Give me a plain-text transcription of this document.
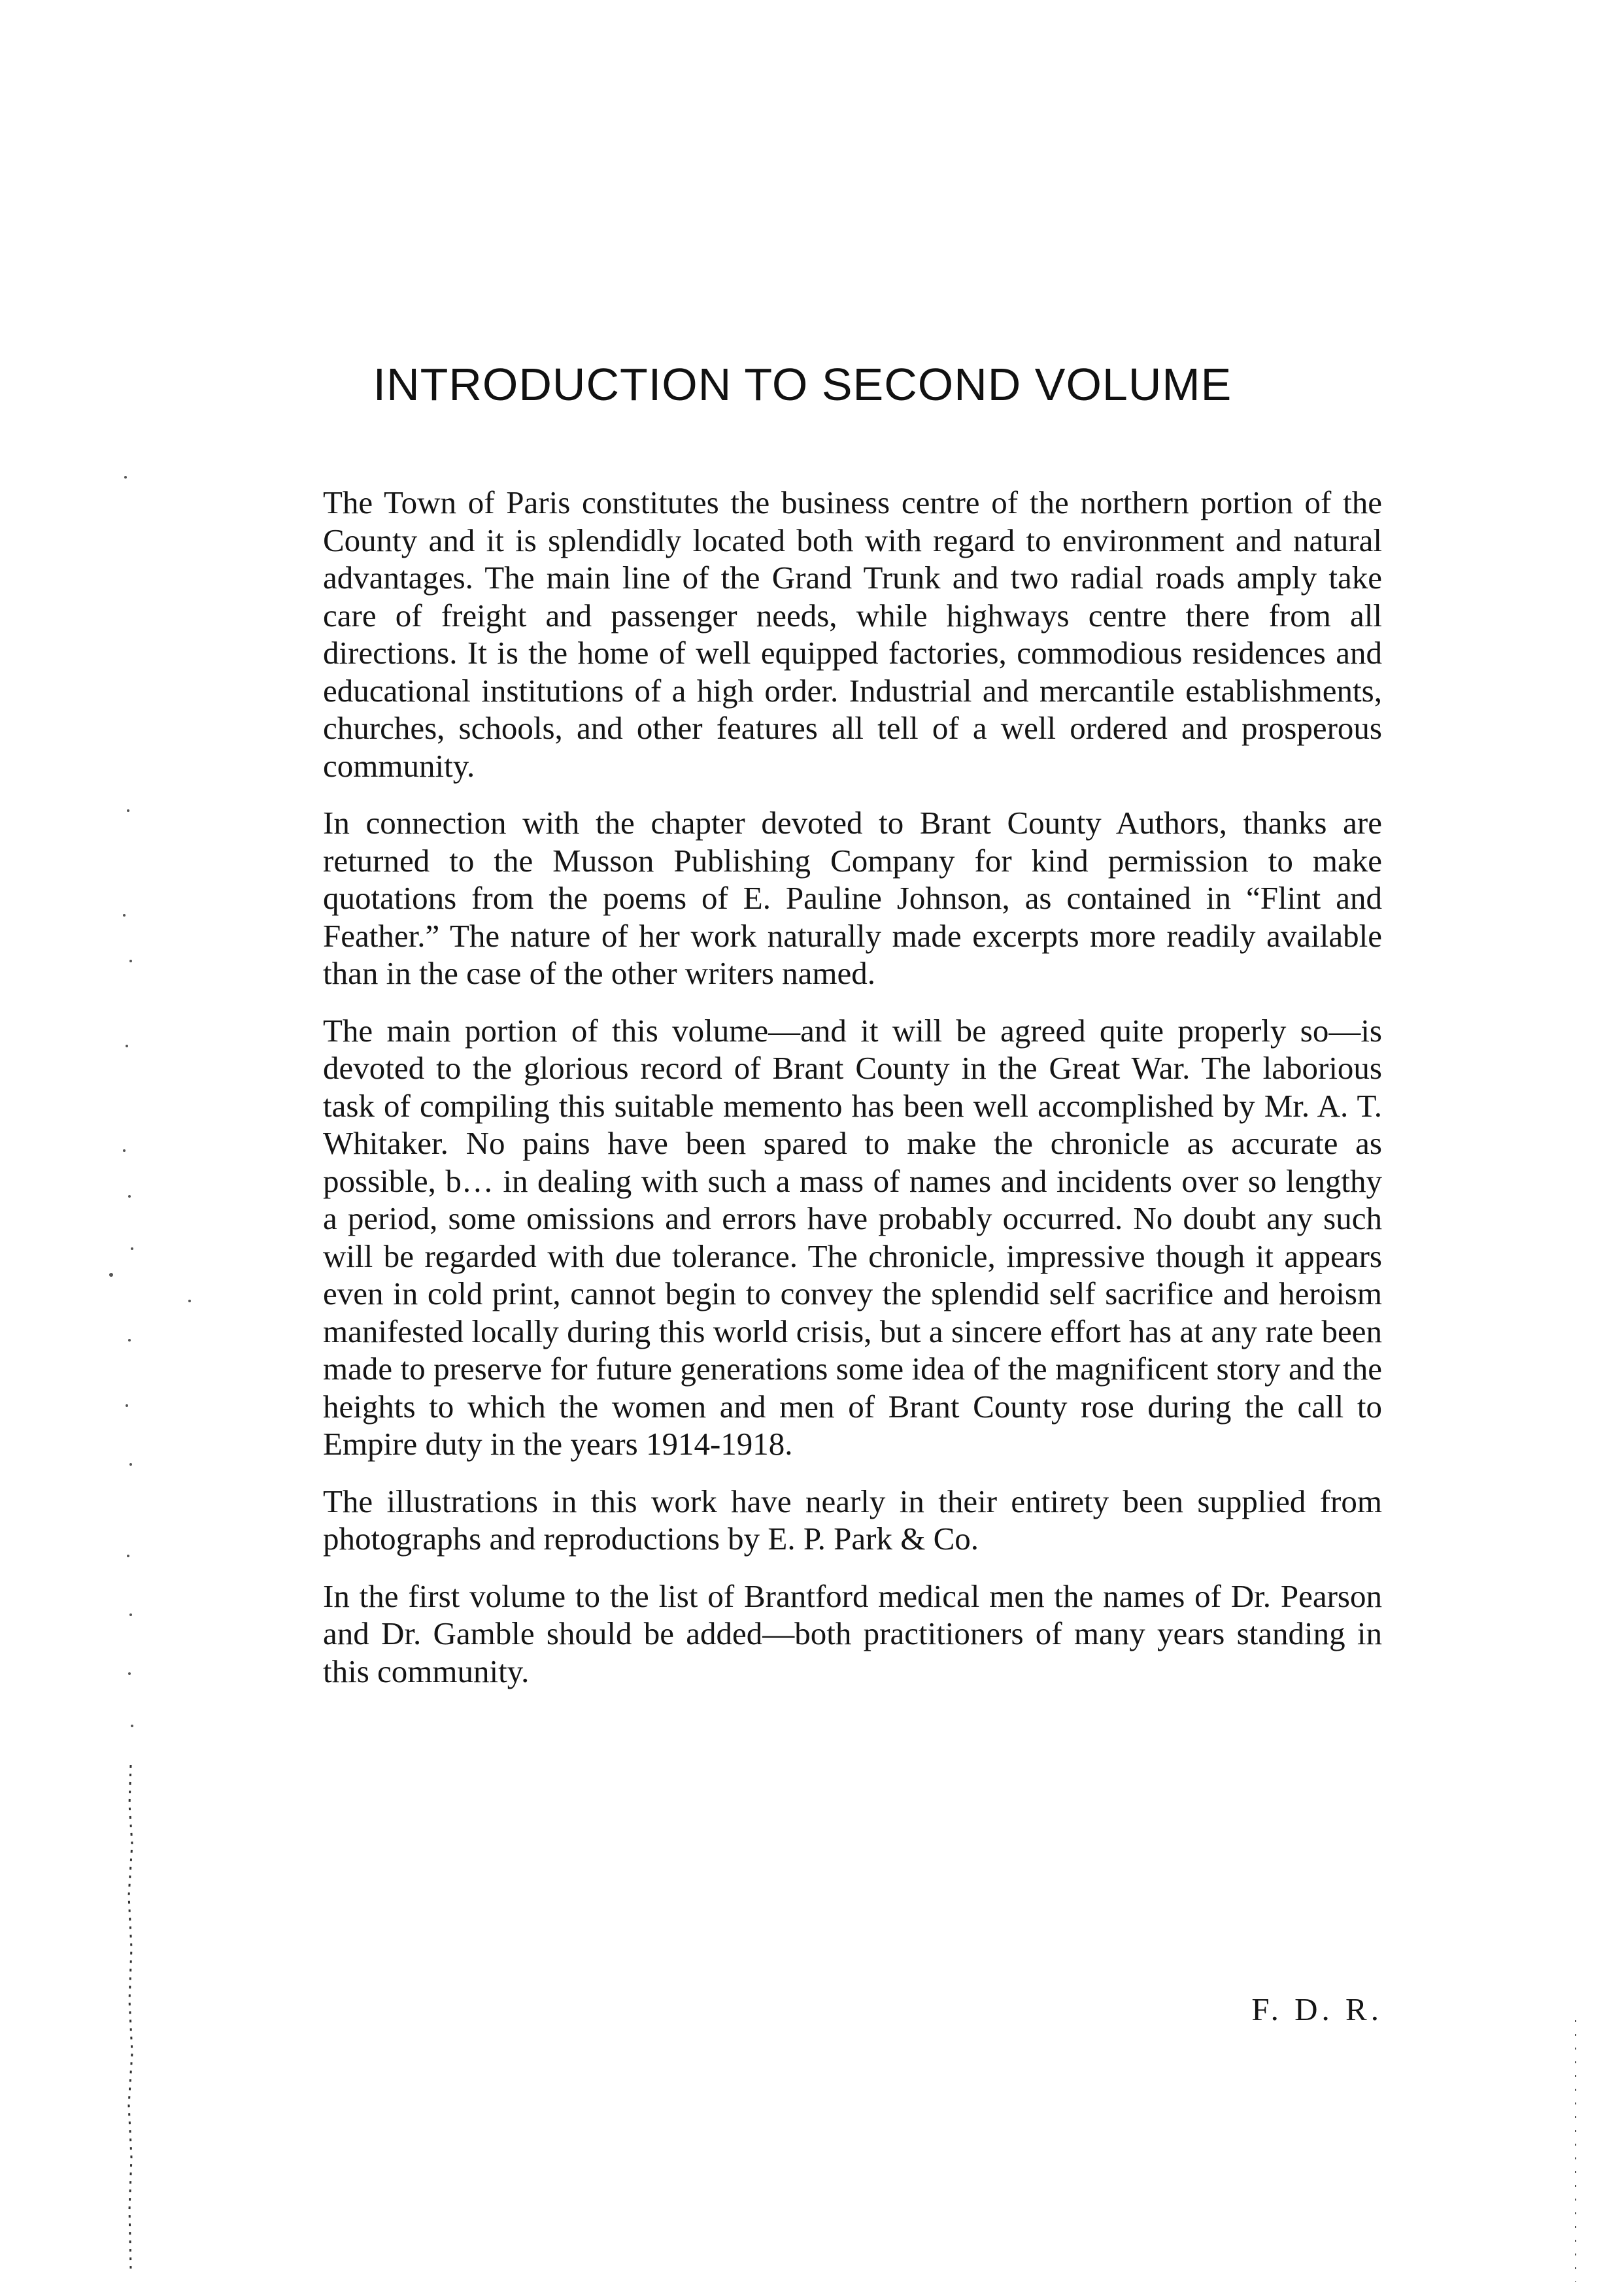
INTRODUCTION TO SECOND VOLUME

The Town of Paris constitutes the business centre of the northern portion of the County and it is splendidly located both with regard to environment and natural advantages. The main line of the Grand Trunk and two radial roads amply take care of freight and passenger needs, while highways centre there from all directions. It is the home of well equipped factories, commodious residences and educational institutions of a high order. Industrial and mercantile establishments, churches, schools, and other features all tell of a well ordered and prosperous community.

In connection with the chapter devoted to Brant County Authors, thanks are returned to the Musson Publishing Company for kind permission to make quotations from the poems of E. Pauline Johnson, as contained in “Flint and Feather.” The nature of her work naturally made excerpts more readily available than in the case of the other writers named.

The main portion of this volume—and it will be agreed quite properly so—is devoted to the glorious record of Brant County in the Great War. The laborious task of compiling this suitable memento has been well accomplished by Mr. A. T. Whitaker. No pains have been spared to make the chronicle as accurate as possible, b… in dealing with such a mass of names and incidents over so lengthy a period, some omissions and errors have probably occurred. No doubt any such will be regarded with due tolerance. The chronicle, impressive though it appears even in cold print, cannot begin to convey the splendid self sacrifice and heroism manifested locally during this world crisis, but a sincere effort has at any rate been made to preserve for future generations some idea of the magnificent story and the heights to which the women and men of Brant County rose during the call to Empire duty in the years 1914-1918.

The illustrations in this work have nearly in their entirety been supplied from photographs and reproductions by E. P. Park & Co.

In the first volume to the list of Brantford medical men the names of Dr. Pearson and Dr. Gamble should be added—both practitioners of many years standing in this community.

F. D. R.
